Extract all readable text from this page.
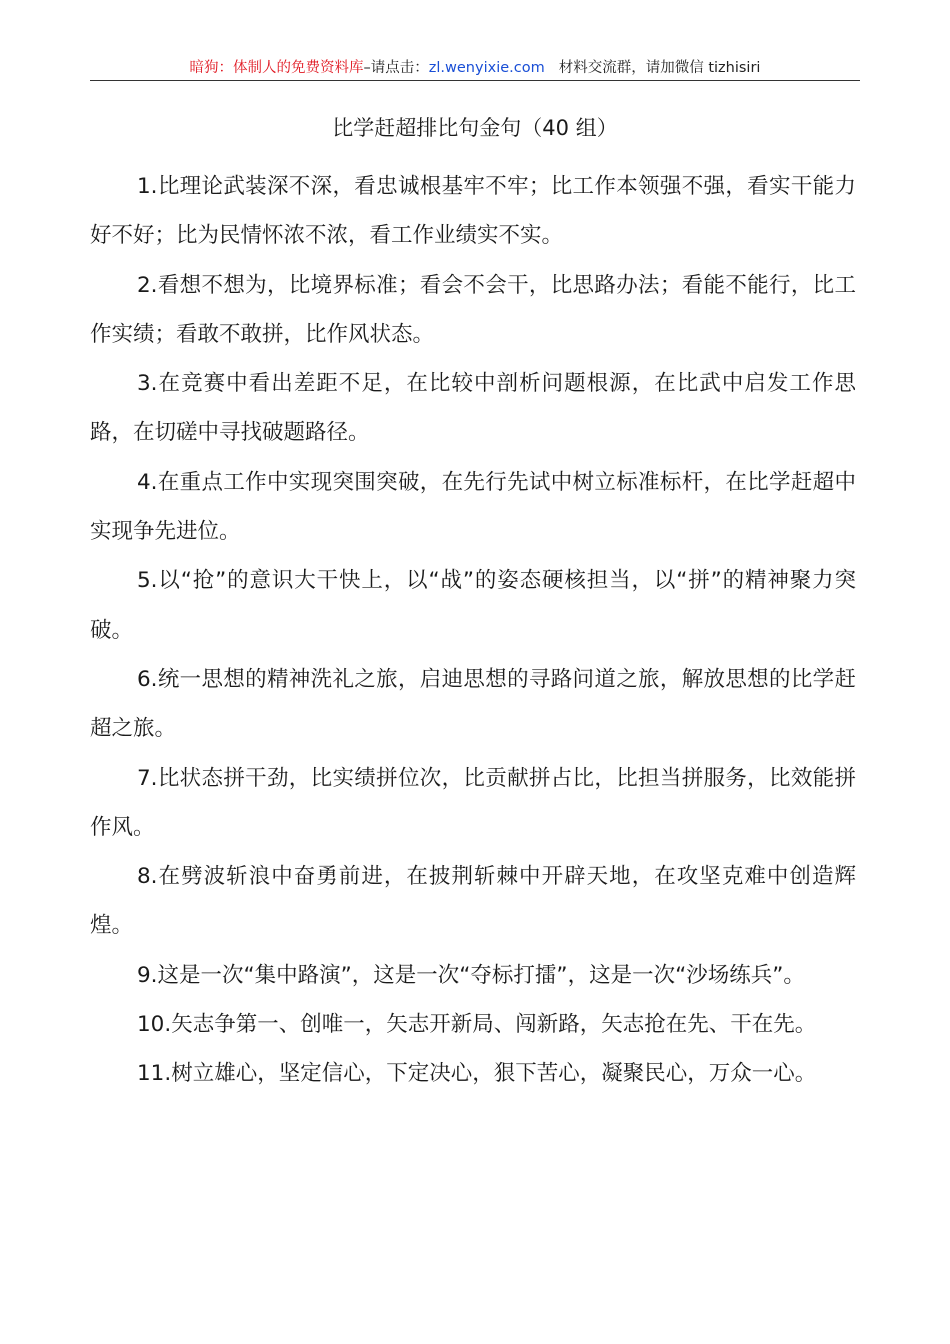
暗狗：体制人的免费资料库–请点击：zl.wenyixie.com 材料交流群，请加微信 tizhisiri
比学赶超排比句金句（40 组）

1.比理论武装深不深，看忠诚根基牢不牢；比工作本领强不强，看实干能力好不好；比为民情怀浓不浓，看工作业绩实不实。

2.看想不想为，比境界标准；看会不会干，比思路办法；看能不能行，比工作实绩；看敢不敢拼，比作风状态。

3.在竞赛中看出差距不足，在比较中剖析问题根源，在比武中启发工作思路，在切磋中寻找破题路径。

4.在重点工作中实现突围突破，在先行先试中树立标准标杆，在比学赶超中实现争先进位。

5.以“抢”的意识大干快上，以“战”的姿态硬核担当，以“拼”的精神聚力突破。

6.统一思想的精神洗礼之旅，启迪思想的寻路问道之旅，解放思想的比学赶超之旅。

7.比状态拼干劲，比实绩拼位次，比贡献拼占比，比担当拼服务，比效能拼作风。

8.在劈波斩浪中奋勇前进，在披荆斩棘中开辟天地，在攻坚克难中创造辉煌。

9.这是一次“集中路演”，这是一次“夺标打擂”，这是一次“沙场练兵”。

10.矢志争第一、创唯一，矢志开新局、闯新路，矢志抢在先、干在先。

11.树立雄心，坚定信心，下定决心，狠下苦心，凝聚民心，万众一心。
